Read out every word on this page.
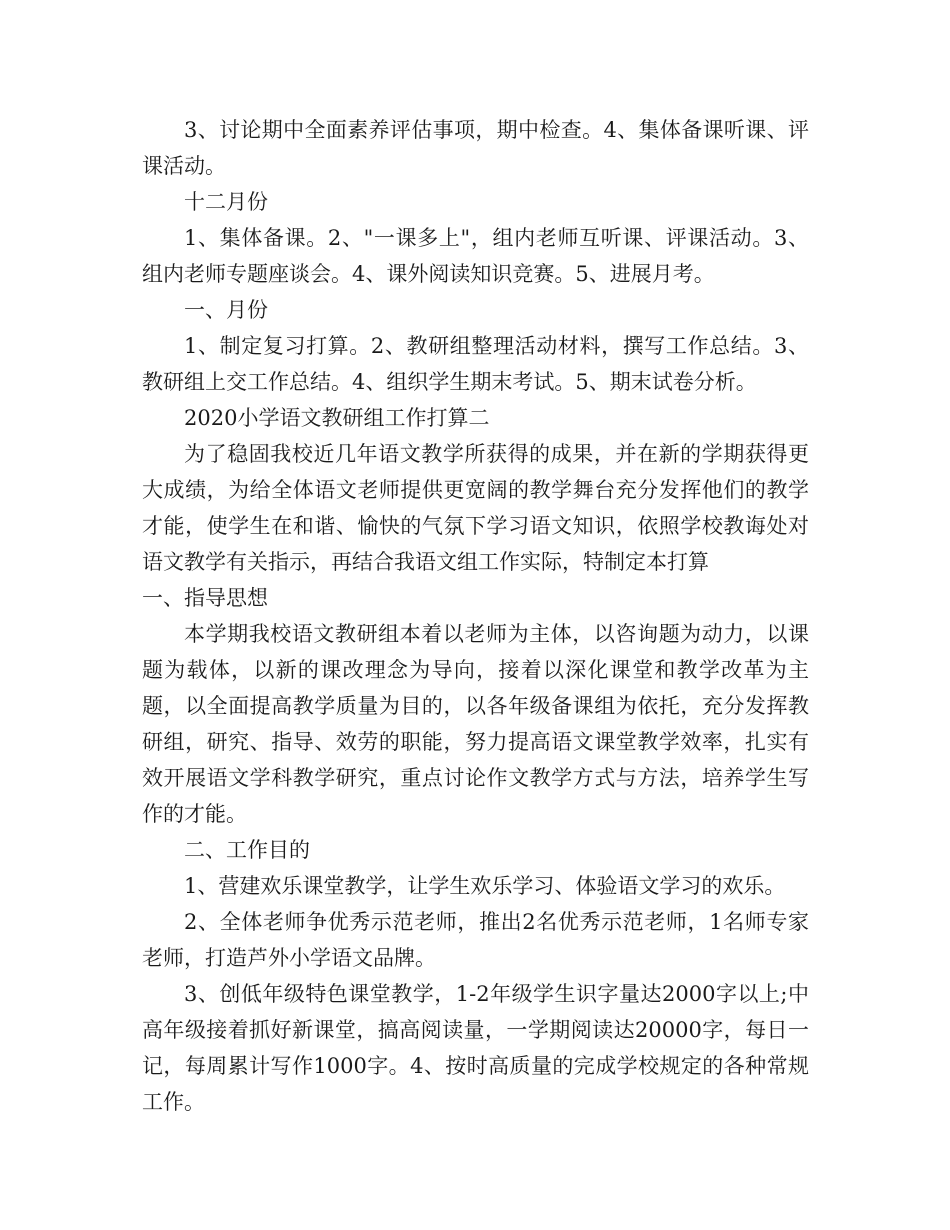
3、讨论期中全面素养评估事项，期中检查。4、集体备课听课、评课活动。

十二月份

1、集体备课。2、"一课多上"，组内老师互听课、评课活动。3、组内老师专题座谈会。4、课外阅读知识竞赛。5、进展月考。

一、月份

1、制定复习打算。2、教研组整理活动材料，撰写工作总结。3、教研组上交工作总结。4、组织学生期末考试。5、期末试卷分析。

2020小学语文教研组工作打算二

为了稳固我校近几年语文教学所获得的成果，并在新的学期获得更大成绩，为给全体语文老师提供更宽阔的教学舞台充分发挥他们的教学才能，使学生在和谐、愉快的气氛下学习语文知识，依照学校教诲处对语文教学有关指示，再结合我语文组工作实际，特制定本打算

一、指导思想

本学期我校语文教研组本着以老师为主体，以咨询题为动力，以课题为载体，以新的课改理念为导向，接着以深化课堂和教学改革为主题，以全面提高教学质量为目的，以各年级备课组为依托，充分发挥教研组，研究、指导、效劳的职能，努力提高语文课堂教学效率，扎实有效开展语文学科教学研究，重点讨论作文教学方式与方法，培养学生写作的才能。

二、工作目的

1、营建欢乐课堂教学，让学生欢乐学习、体验语文学习的欢乐。

2、全体老师争优秀示范老师，推出2名优秀示范老师，1名师专家老师，打造芦外小学语文品牌。

3、创低年级特色课堂教学，1-2年级学生识字量达2000字以上;中高年级接着抓好新课堂，搞高阅读量，一学期阅读达20000字，每日一记，每周累计写作1000字。4、按时高质量的完成学校规定的各种常规工作。
